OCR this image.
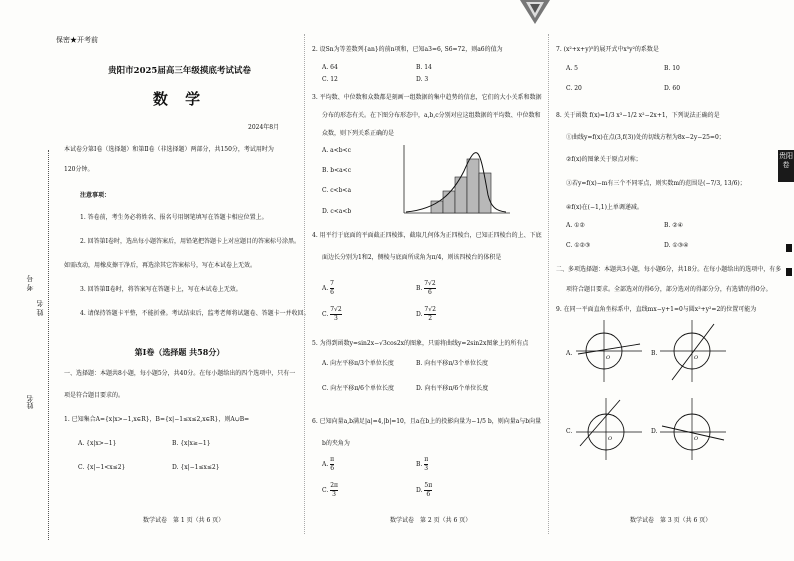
保密★开考前
考 号
姓名
姓 名
贵阳市2025届高三年级摸底考试试卷
数 学
2024年8月
本试卷分第Ⅰ卷（选择题）和第Ⅱ卷（非选择题）两部分，共150分，考试用时为
120分钟。
注意事项：
1. 答卷前，考生务必将姓名、报名号用钢笔填写在答题卡相应位置上。
2. 回答第Ⅰ卷时，选出每小题答案后，用铅笔把答题卡上对应题目的答案标号涂黑。
如需改动，用橡皮擦干净后，再选涂其它答案标号，写在本试卷上无效。
3. 回答第Ⅱ卷时，将答案写在答题卡上，写在本试卷上无效。
4. 请保持答题卡平整，不能折叠。考试结束后，监考老师将试题卷、答题卡一并收回。
第Ⅰ卷（选择题 共58分）
一、选择题：本题共8小题，每小题5分，共40分。在每小题给出的四个选项中，只有一
项是符合题目要求的。
1. 已知集合A={x|x>−1,x∈R}，B={x|−1≤x≤2,x∈R}，则A∪B=
A. {x|x>−1}	B. {x|x≥−1}
C. {x|−1<x≤2}	D. {x|−1≤x≤2}
数学试卷　第 1 页（共 6 页）
2. 设Sn为等差数列{an}的前n项和，已知a3=6, S6=72，则a6的值为
A. 64	B. 14
C. 12	D. 3
3. 平均数、中位数和众数都是刻画一组数据的集中趋势的信息，它们的大小关系和数据
分布的形态有关。在下图分布形态中，a,b,c分别对应这组数据的平均数、中位数和
众数，则下列关系正确的是
A. a<b<c
B. b<a<c
C. c<b<a
D. c<a<b
4. 用平行于底面的平面截正四棱锥，截取几何体为正四棱台，已知正四棱台的上、下底
面边长分别为1和2，侧棱与底面所成角为π/4，则该四棱台的体积是
A. $\frac{7}{6}$	B. $\frac{7√2}{6}$
C. $\frac{7√2}{3}$	D. $\frac{7√2}{2}$
5. 为得到函数y=sin2x−√3cos2x的图象，只需将曲线y=2sin2x图象上的所有点
A. 向左平移π/3个单位长度	B. 向右平移π/3个单位长度
C. 向左平移π/6个单位长度	D. 向右平移π/6个单位长度
6. 已知向量a,b满足|a|=4,|b|=10，且a在b上的投影向量为−1/5 b，则向量a与b向量
b的夹角为
A. $\frac{\pi}{6}$	B. $\frac{\pi}{3}$
C. $\frac{2\pi}{3}$	D. $\frac{5\pi}{6}$
数学试卷　第 2 页（共 6 页）
7. (x²+x+y)⁵的展开式中x⁵y²的系数是
A. 5	B. 10
C. 20	D. 60
8. 关于函数 f(x)=1/3 x³−1/2 x²−2x+1，下列说法正确的是
①曲线y=f(x)在点(3,f(3))处的切线方程为8x−2y−25=0；
②f(x)的图象关于原点对称；
③若y=f(x)−m有三个不同零点，则实数m的范围是(−7/3, 13/6)；
④f(x)在(−1,1)上单调递减。
A. ①②	B. ②④
C. ①②③	D. ①③④
二、多项选择题：本题共3小题，每小题6分，共18分。在每小题给出的选项中，有多
项符合题目要求。全部选对的得6分，部分选对的得部分分，有选错的得0分。
9. 在同一平面直角坐标系中，直线mx−y+1=0与圆x²+y²=2的位置可能为
A.
O
B.
O
C.
O
D.
O
数学试卷　第 3 页（共 6 页）
贵阳卷
